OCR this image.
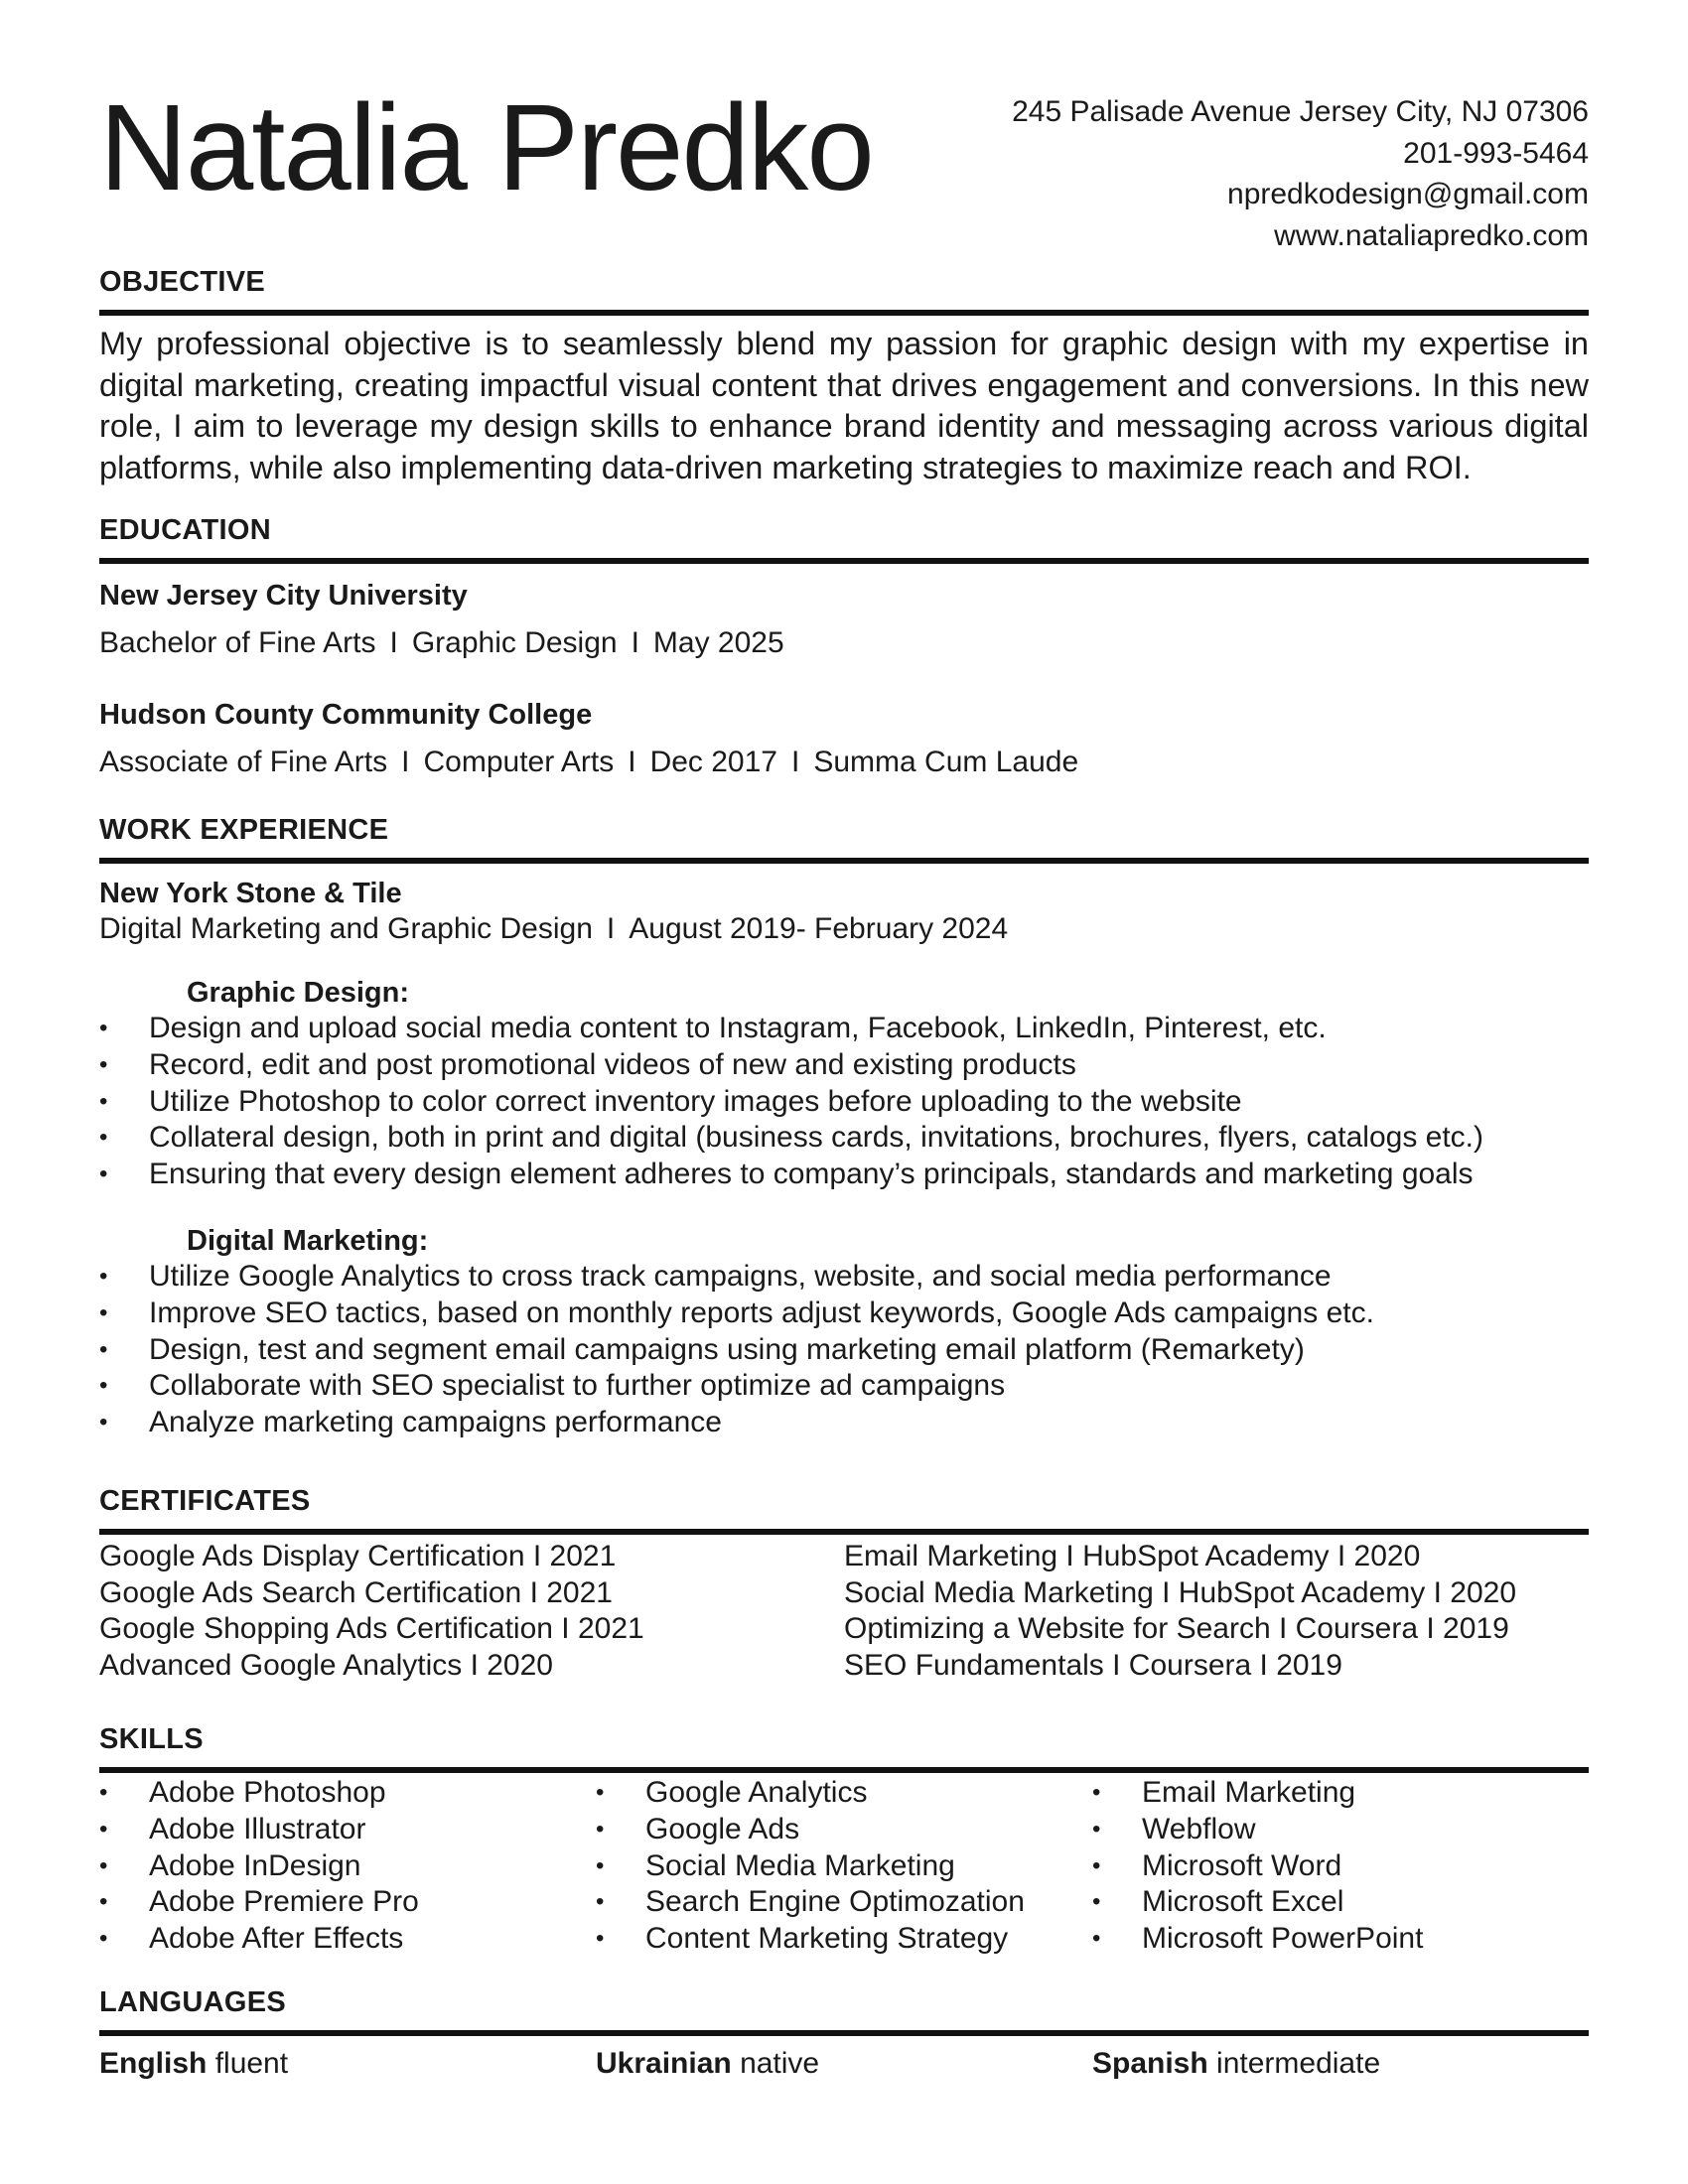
Natalia Predko	245 Palisade Avenue Jersey City, NJ 07306
201-993-5464
npredkodesign@gmail.com
www.nataliapredko.com
OBJECTIVE
My professional objective is to seamlessly blend my passion for graphic design with my expertise in digital marketing, creating impactful visual content that drives engagement and conversions. In this new role, I aim to leverage my design skills to enhance brand identity and messaging across various digital platforms, while also implementing data-driven marketing strategies to maximize reach and ROI.
EDUCATION
New Jersey City University
Bachelor of Fine Arts I Graphic Design I May 2025
Hudson County Community College
Associate of Fine Arts I Computer Arts I Dec 2017 I Summa Cum Laude
WORK EXPERIENCE
New York Stone & Tile
Digital Marketing and Graphic Design I August 2019- February 2024
Graphic Design:
• Design and upload social media content to Instagram, Facebook, LinkedIn, Pinterest, etc.
• Record, edit and post promotional videos of new and existing products
• Utilize Photoshop to color correct inventory images before uploading to the website
• Collateral design, both in print and digital (business cards, invitations, brochures, flyers, catalogs etc.)
• Ensuring that every design element adheres to company’s principals, standards and marketing goals
Digital Marketing:
• Utilize Google Analytics to cross track campaigns, website, and social media performance
• Improve SEO tactics, based on monthly reports adjust keywords, Google Ads campaigns etc.
• Design, test and segment email campaigns using marketing email platform (Remarkety)
• Collaborate with SEO specialist to further optimize ad campaigns
• Analyze marketing campaigns performance
CERTIFICATES
Google Ads Display Certification I 2021
Google Ads Search Certification I 2021
Google Shopping Ads Certification I 2021
Advanced Google Analytics I 2020
Email Marketing I HubSpot Academy I 2020
Social Media Marketing I HubSpot Academy I 2020
Optimizing a Website for Search I Coursera I 2019
SEO Fundamentals I Coursera I 2019
SKILLS
• Adobe Photoshop
• Adobe Illustrator
• Adobe InDesign
• Adobe Premiere Pro
• Adobe After Effects
• Google Analytics
• Google Ads
• Social Media Marketing
• Search Engine Optimozation
• Content Marketing Strategy
• Email Marketing
• Webflow
• Microsoft Word
• Microsoft Excel
• Microsoft PowerPoint
LANGUAGES
English fluent	Ukrainian native	Spanish intermediate
